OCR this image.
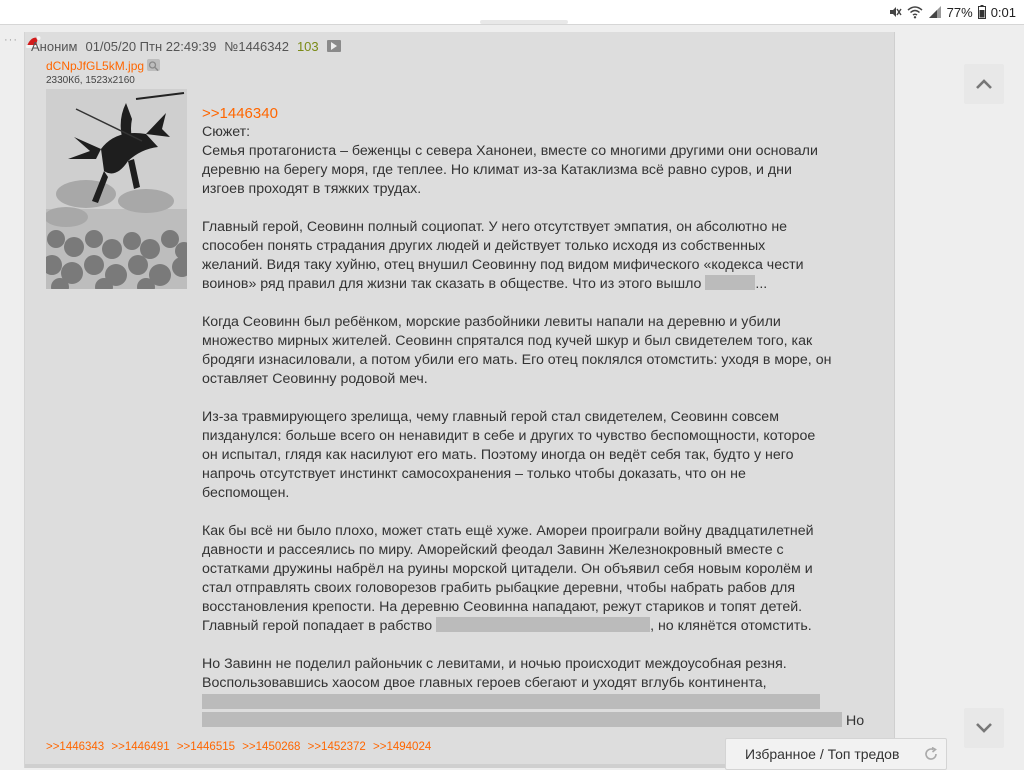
77% 0:01
··· Аноним 01/05/20 Птн 22:49:39 №1446342 103
dCNpJfGL5kM.jpg
2330Кб, 1523x2160
>>1446340

Сюжет:
Семья протагониста – беженцы с севера Ханонеи, вместе со многими другими они основали
деревню на берегу моря, где теплее. Но климат из-за Катаклизма всё равно суров, и дни
изгоев проходят в тяжких трудах.

Главный герой, Сеовинн полный социопат. У него отсутствует эмпатия, он абсолютно не
способен понять страдания других людей и действует только исходя из собственных
желаний. Видя таку хуйню, отец внушил Сеовинну под видом мифического «кодекса чести
воинов» ряд правил для жизни так сказать в обществе. Что из этого вышло	...

Когда Сеовинн был ребёнком, морские разбойники левиты напали на деревню и убили
множество мирных жителей. Сеовинн спрятался под кучей шкур и был свидетелем того, как
бродяги изнасиловали, а потом убили его мать. Его отец поклялся отомстить: уходя в море, он
оставляет Сеовинну родовой меч.

Из-за травмирующего зрелища, чему главный герой стал свидетелем, Сеовинн совсем
пизданулся: больше всего он ненавидит в себе и других то чувство беспомощности, которое
он испытал, глядя как насилуют его мать. Поэтому иногда он ведёт себя так, будто у него
напрочь отсутствует инстинкт самосохранения – только чтобы доказать, что он не
беспомощен.

Как бы всё ни было плохо, может стать ещё хуже. Амореи проиграли войну двадцатилетней
давности и рассеялись по миру. Аморейский феодал Завинн Железнокровный вместе с
остатками дружины набрёл на руины морской цитадели. Он объявил себя новым королём и
стал отправлять своих головорезов грабить рыбацкие деревни, чтобы набрать рабов для
восстановления крепости. На деревню Сеовинна нападают, режут стариков и топят детей.
Главный герой попадает в рабство	, но клянётся отомстить.

Но Завинн не поделил районьчик с левитами, и ночью происходит междоусобная резня.
Воспользовавшись хаосом двое главных героев сбегают и уходят вглубь континента,
Но

>>1446343 >>1446491 >>1446515 >>1450268 >>1452372 >>1494024	Избранное / Топ тредов
